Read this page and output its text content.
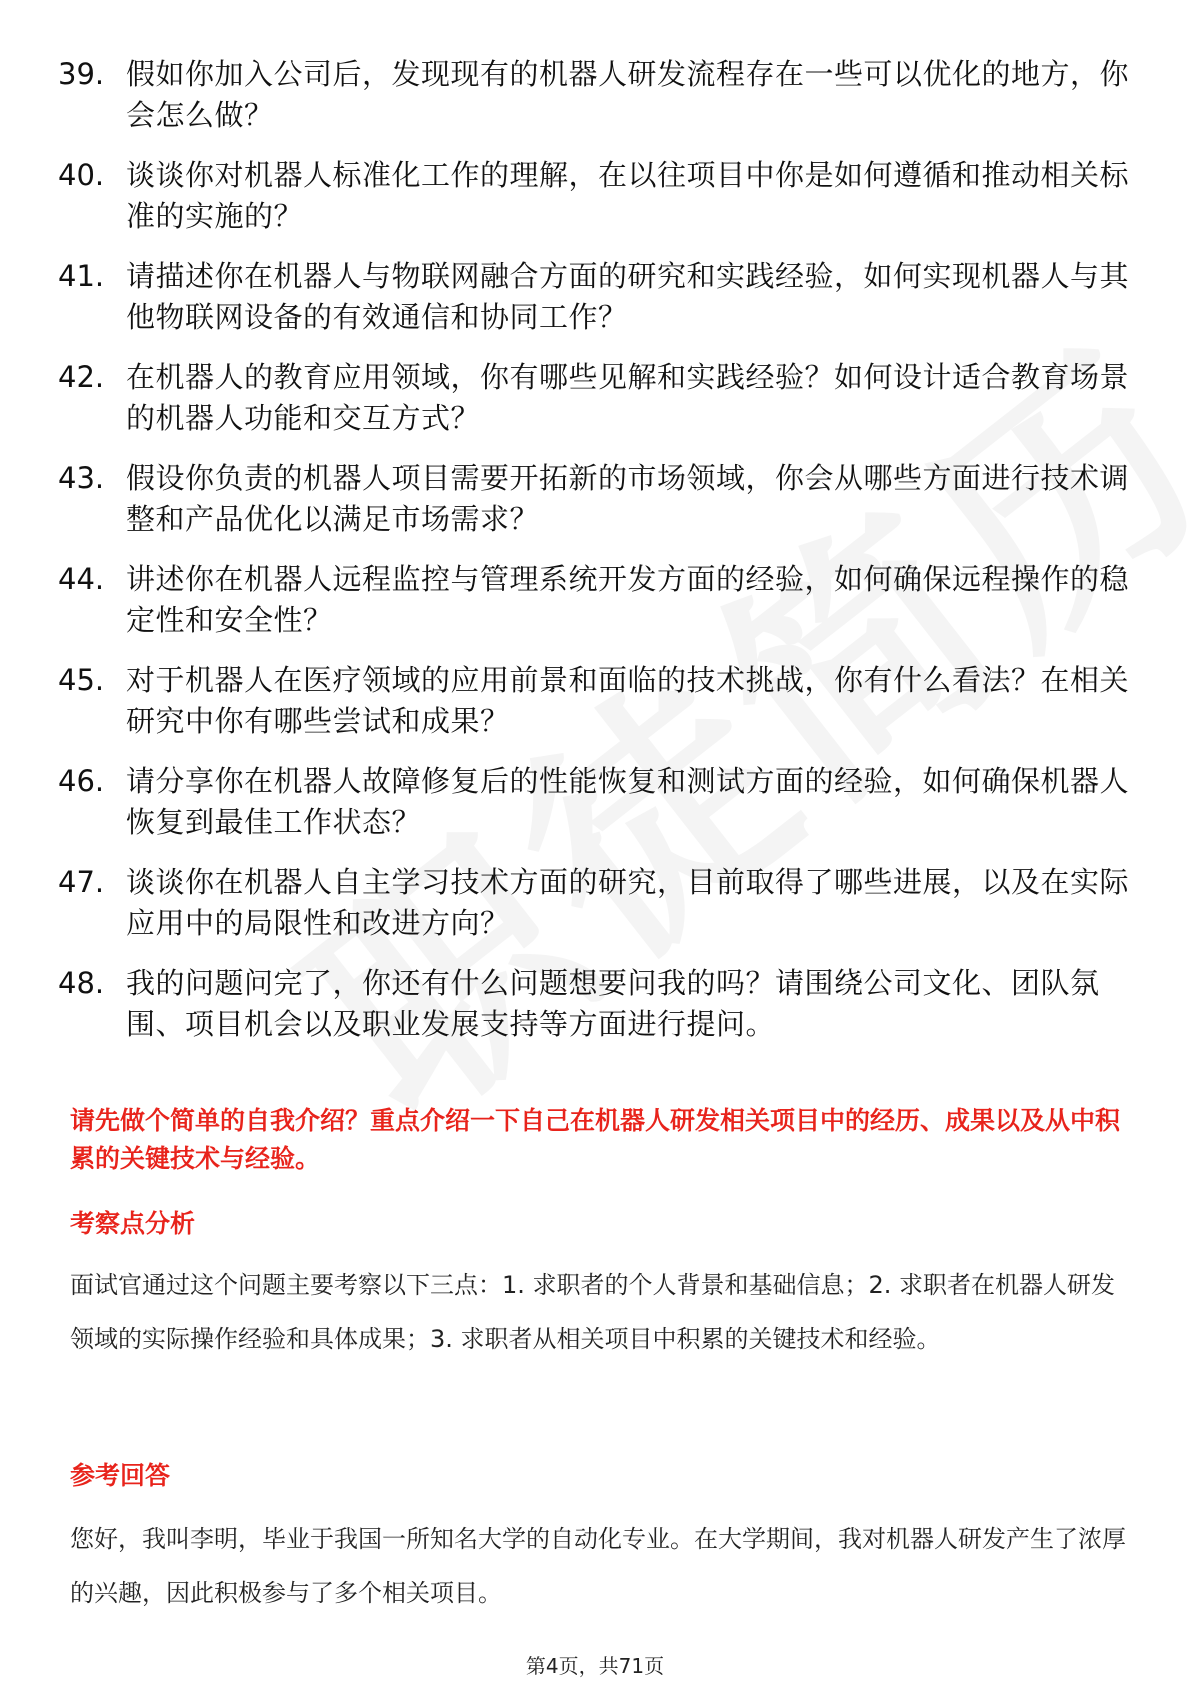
39. 假如你加入公司后，发现现有的机器人研发流程存在一些可以优化的地方，你会怎么做？
40. 谈谈你对机器人标准化工作的理解，在以往项目中你是如何遵循和推动相关标准的实施的？
41. 请描述你在机器人与物联网融合方面的研究和实践经验，如何实现机器人与其他物联网设备的有效通信和协同工作？
42. 在机器人的教育应用领域，你有哪些见解和实践经验？如何设计适合教育场景的机器人功能和交互方式？
43. 假设你负责的机器人项目需要开拓新的市场领域，你会从哪些方面进行技术调整和产品优化以满足市场需求？
44. 讲述你在机器人远程监控与管理系统开发方面的经验，如何确保远程操作的稳定性和安全性？
45. 对于机器人在医疗领域的应用前景和面临的技术挑战，你有什么看法？在相关研究中你有哪些尝试和成果？
46. 请分享你在机器人故障修复后的性能恢复和测试方面的经验，如何确保机器人恢复到最佳工作状态？
47. 谈谈你在机器人自主学习技术方面的研究，目前取得了哪些进展，以及在实际应用中的局限性和改进方向？
48. 我的问题问完了，你还有什么问题想要问我的吗？请围绕公司文化、团队氛围、项目机会以及职业发展支持等方面进行提问。
请先做个简单的自我介绍？重点介绍一下自己在机器人研发相关项目中的经历、成果以及从中积累的关键技术与经验。
考察点分析
面试官通过这个问题主要考察以下三点：1. 求职者的个人背景和基础信息；2. 求职者在机器人研发领域的实际操作经验和具体成果；3. 求职者从相关项目中积累的关键技术和经验。
参考回答
您好，我叫李明，毕业于我国一所知名大学的自动化专业。在大学期间，我对机器人研发产生了浓厚的兴趣，因此积极参与了多个相关项目。
第4页，共71页
